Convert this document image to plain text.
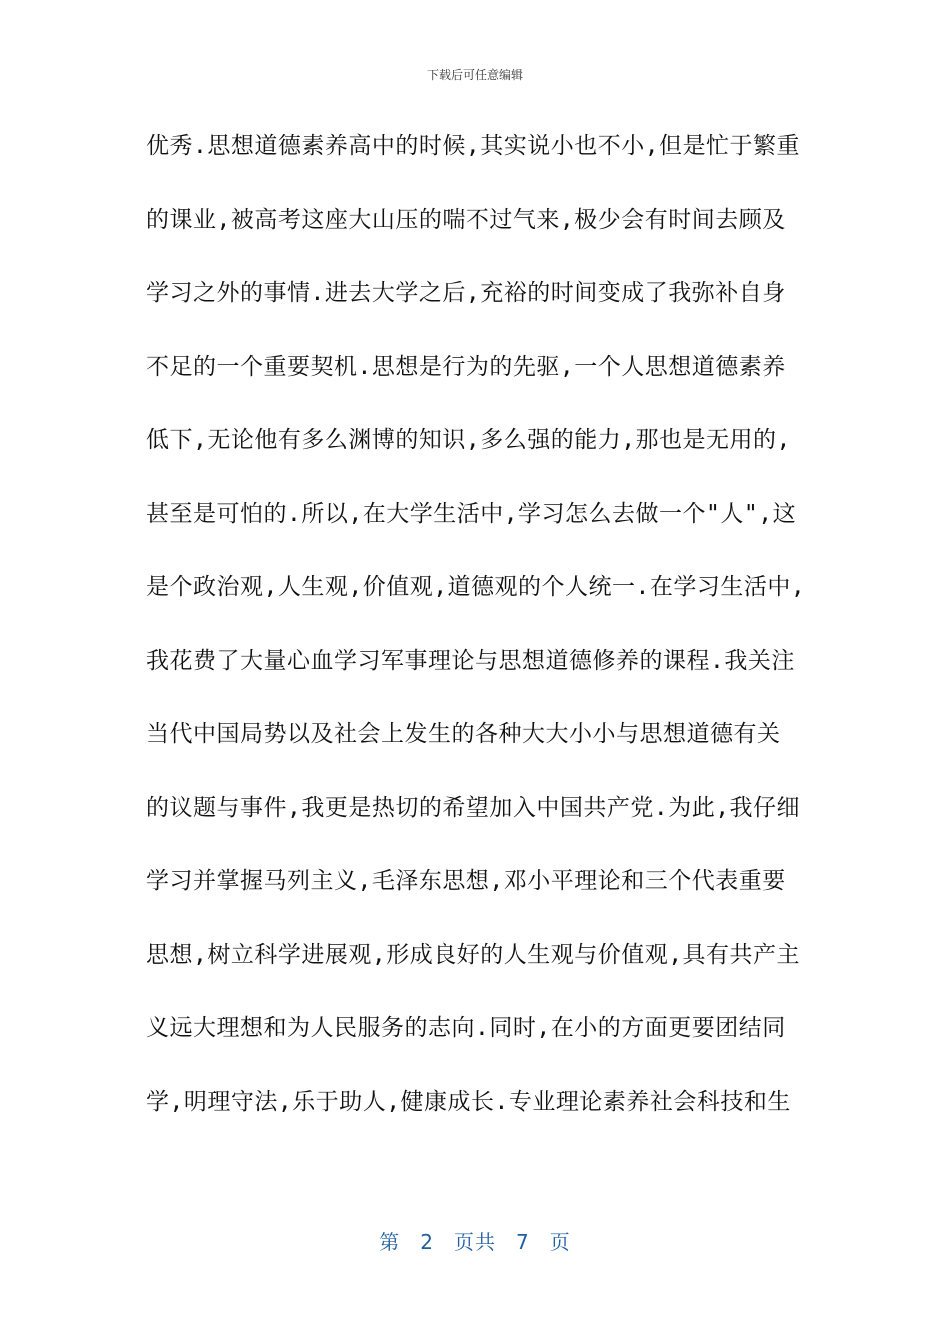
下载后可任意编辑
优秀.思想道德素养高中的时候,其实说小也不小,但是忙于繁重
的课业,被高考这座大山压的喘不过气来,极少会有时间去顾及
学习之外的事情.进去大学之后,充裕的时间变成了我弥补自身
不足的一个重要契机.思想是行为的先驱,一个人思想道德素养
低下,无论他有多么渊博的知识,多么强的能力,那也是无用的,
甚至是可怕的.所以,在大学生活中,学习怎么去做一个"人",这
是个政治观,人生观,价值观,道德观的个人统一.在学习生活中,
我花费了大量心血学习军事理论与思想道德修养的课程.我关注
当代中国局势以及社会上发生的各种大大小小与思想道德有关
的议题与事件,我更是热切的希望加入中国共产党.为此,我仔细
学习并掌握马列主义,毛泽东思想,邓小平理论和三个代表重要
思想,树立科学进展观,形成良好的人生观与价值观,具有共产主
义远大理想和为人民服务的志向.同时,在小的方面更要团结同
学,明理守法,乐于助人,健康成长.专业理论素养社会科技和生
第 2 页共 7 页
